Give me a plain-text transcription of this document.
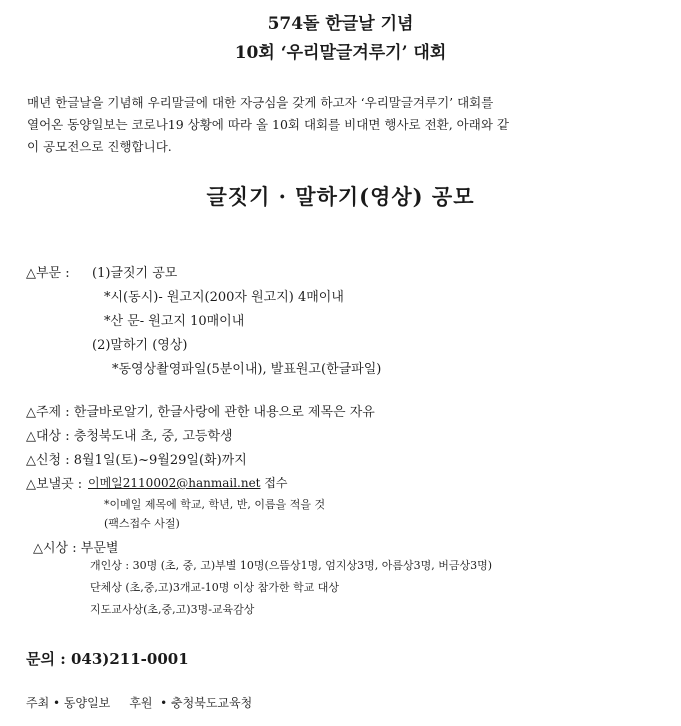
574돌 한글날 기념
10회 ‘우리말글겨루기’ 대회
매년 한글날을 기념해 우리말글에 대한 자긍심을 갖게 하고자 ‘우리말글겨루기’ 대회를
열어온 동양일보는 코로나19 상황에 따라 올 10회 대회를 비대면 행사로 전환, 아래와 같
이 공모전으로 진행합니다.
글짓기 · 말하기(영상) 공모
△부문 : (1)글짓기 공모
*시(동시)- 원고지(200자 원고지) 4매이내
*산 문- 원고지 10매이내
(2)말하기 (영상)
*동영상촬영파일(5분이내), 발표원고(한글파일)
△주제 : 한글바로알기, 한글사랑에 관한 내용으로 제목은 자유
△대상 : 충청북도내 초, 중, 고등학생
△신청 : 8월1일(토)~9월29일(화)까지
△보낼곳 : 이메일2110002@hanmail.net 접수
*이메일 제목에 학교, 학년, 반, 이름을 적을 것
(팩스접수 사절)
△시상 : 부문별
개인상 : 30명 (초, 중, 고)부별 10명(으뜸상1명, 엄지상3명, 아름상3명, 버금상3명)
단체상 (초,중,고)3개교-10명 이상 참가한 학교 대상
지도교사상(초,중,고)3명-교육감상
문의 : 043)211-0001
주최 • 동양일보     후원  • 충청북도교육청
